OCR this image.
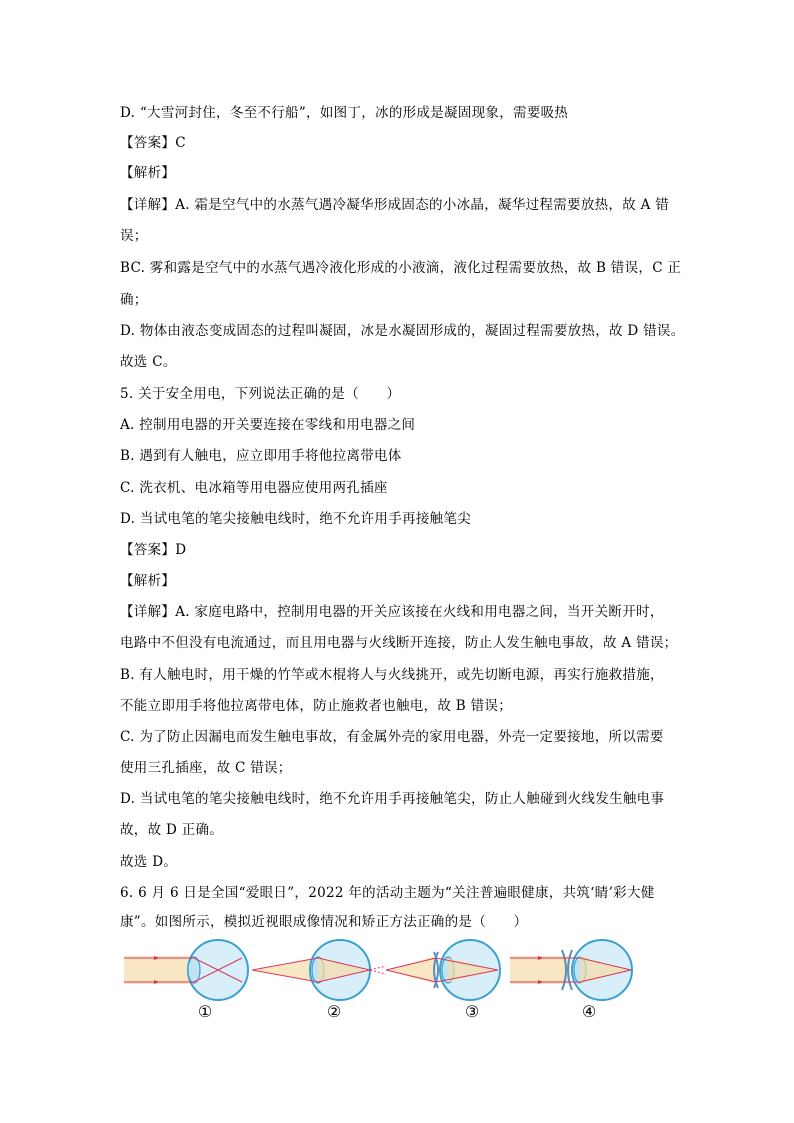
D. “大雪河封住，冬至不行船”，如图丁，冰的形成是凝固现象，需要吸热
【答案】C
【解析】
【详解】A. 霜是空气中的水蒸气遇冷凝华形成固态的小冰晶，凝华过程需要放热，故 A 错
误；
BC. 雾和露是空气中的水蒸气遇冷液化形成的小液滴，液化过程需要放热，故 B 错误，C 正
确；
D. 物体由液态变成固态的过程叫凝固，冰是水凝固形成的，凝固过程需要放热，故 D 错误。
故选 C。
5. 关于安全用电，下列说法正确的是（　　）
A. 控制用电器的开关要连接在零线和用电器之间
B. 遇到有人触电，应立即用手将他拉离带电体
C. 洗衣机、电冰箱等用电器应使用两孔插座
D. 当试电笔的笔尖接触电线时，绝不允许用手再接触笔尖
【答案】D
【解析】
【详解】A. 家庭电路中，控制用电器的开关应该接在火线和用电器之间，当开关断开时，
电路中不但没有电流通过，而且用电器与火线断开连接，防止人发生触电事故，故 A 错误；
B. 有人触电时，用干燥的竹竿或木棍将人与火线挑开，或先切断电源，再实行施救措施，
不能立即用手将他拉离带电体，防止施救者也触电，故 B 错误；
C. 为了防止因漏电而发生触电事故，有金属外壳的家用电器，外壳一定要接地，所以需要
使用三孔插座，故 C 错误；
D. 当试电笔的笔尖接触电线时，绝不允许用手再接触笔尖，防止人触碰到火线发生触电事
故，故 D 正确。
故选 D。
6. 6 月 6 日是全国“爱眼日”，2022 年的活动主题为“关注普遍眼健康，共筑‘睛’彩大健
康”。如图所示，模拟近视眼成像情况和矫正方法正确的是（　　）
①	②	③	④
